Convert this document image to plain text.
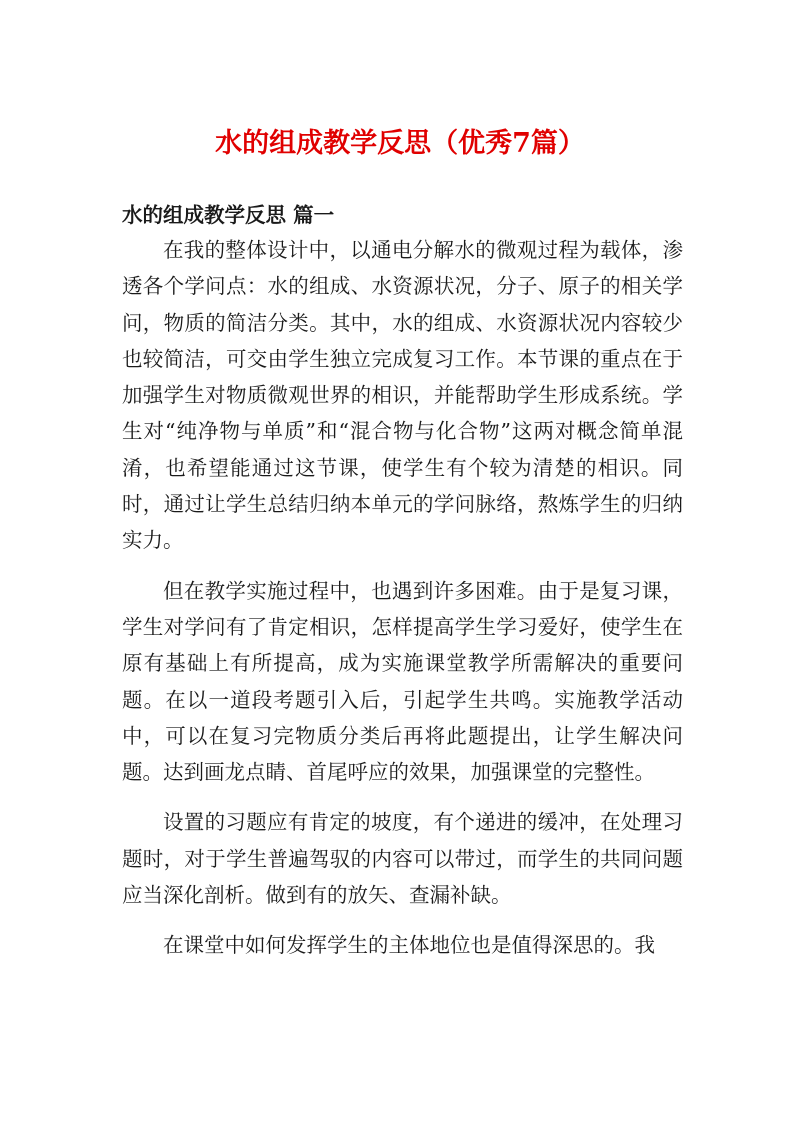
水的组成教学反思（优秀7篇）
水的组成教学反思 篇一

在我的整体设计中，以通电分解水的微观过程为载体，渗透各个学问点：水的组成、水资源状况，分子、原子的相关学问，物质的简洁分类。其中，水的组成、水资源状况内容较少也较简洁，可交由学生独立完成复习工作。本节课的重点在于加强学生对物质微观世界的相识，并能帮助学生形成系统。学生对“纯净物与单质”和“混合物与化合物”这两对概念简单混淆，也希望能通过这节课，使学生有个较为清楚的相识。同时，通过让学生总结归纳本单元的学问脉络，熬炼学生的归纳实力。

但在教学实施过程中，也遇到许多困难。由于是复习课，学生对学问有了肯定相识，怎样提高学生学习爱好，使学生在原有基础上有所提高，成为实施课堂教学所需解决的重要问题。在以一道段考题引入后，引起学生共鸣。实施教学活动中，可以在复习完物质分类后再将此题提出，让学生解决问题。达到画龙点睛、首尾呼应的效果，加强课堂的完整性。

设置的习题应有肯定的坡度，有个递进的缓冲，在处理习题时，对于学生普遍驾驭的内容可以带过，而学生的共同问题应当深化剖析。做到有的放矢、查漏补缺。

在课堂中如何发挥学生的主体地位也是值得深思的。我
